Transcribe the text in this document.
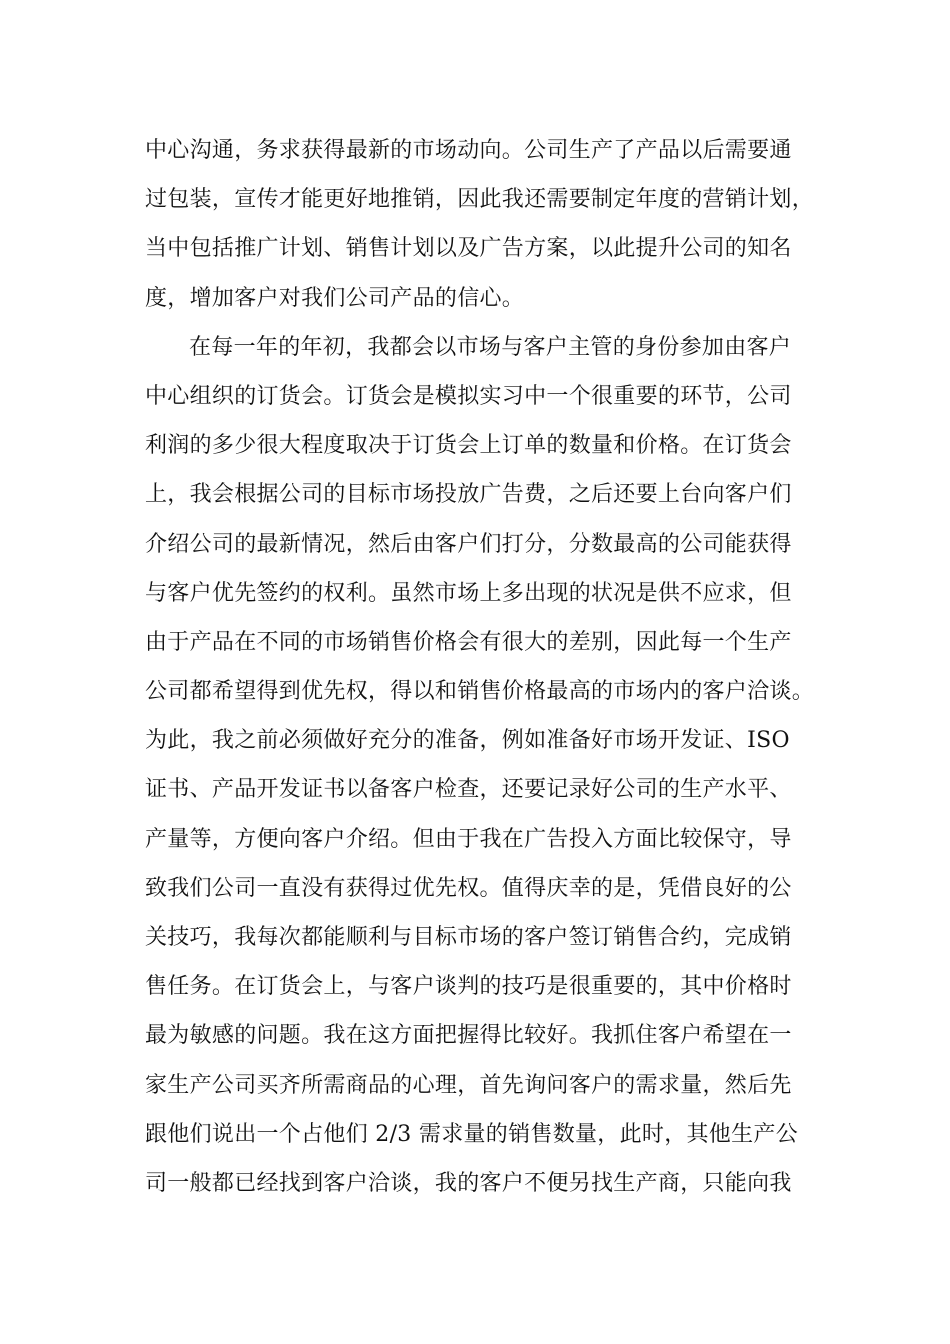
中心沟通，务求获得最新的市场动向。公司生产了产品以后需要通
过包装，宣传才能更好地推销，因此我还需要制定年度的营销计划，
当中包括推广计划、销售计划以及广告方案，以此提升公司的知名
度，增加客户对我们公司产品的信心。
在每一年的年初，我都会以市场与客户主管的身份参加由客户
中心组织的订货会。订货会是模拟实习中一个很重要的环节，公司
利润的多少很大程度取决于订货会上订单的数量和价格。在订货会
上，我会根据公司的目标市场投放广告费，之后还要上台向客户们
介绍公司的最新情况，然后由客户们打分，分数最高的公司能获得
与客户优先签约的权利。虽然市场上多出现的状况是供不应求，但
由于产品在不同的市场销售价格会有很大的差别，因此每一个生产
公司都希望得到优先权，得以和销售价格最高的市场内的客户洽谈。
为此，我之前必须做好充分的准备，例如准备好市场开发证、ISO
证书、产品开发证书以备客户检查，还要记录好公司的生产水平、
产量等，方便向客户介绍。但由于我在广告投入方面比较保守，导
致我们公司一直没有获得过优先权。值得庆幸的是，凭借良好的公
关技巧，我每次都能顺利与目标市场的客户签订销售合约，完成销
售任务。在订货会上，与客户谈判的技巧是很重要的，其中价格时
最为敏感的问题。我在这方面把握得比较好。我抓住客户希望在一
家生产公司买齐所需商品的心理，首先询问客户的需求量，然后先
跟他们说出一个占他们 2/3 需求量的销售数量，此时，其他生产公
司一般都已经找到客户洽谈，我的客户不便另找生产商，只能向我
